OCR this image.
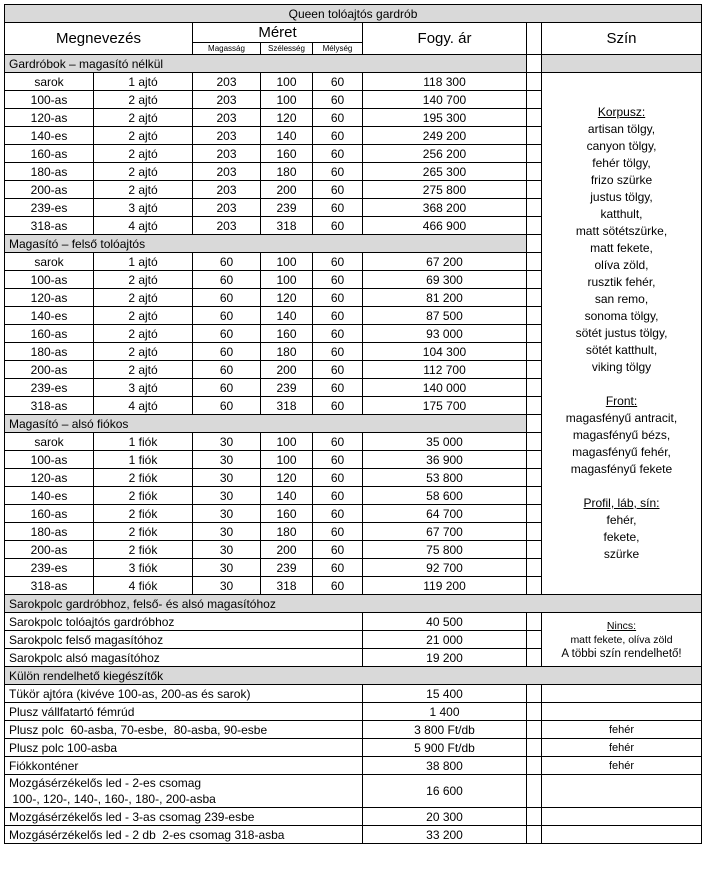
Queen tolóajtós gardrób							
Megnevezés		Méret			Fogy. ár		Szín
		Magasság	Szélesség	Mélység			
Gardróbok – magasító nélkül							
sarok	1 ajtó	203	100	60	118 300		
Korpusz:
artisan tölgy,
canyon tölgy,
fehér tölgy,
frizo szürke
justus tölgy,
katthult,
matt sötétszürke,
matt fekete,
olíva zöld,
rusztik fehér,
san remo,
sonoma tölgy,
sötét justus tölgy,
sötét katthult,
viking tölgy
Front:
magasfényű antracit,
magasfényű bézs,
magasfényű fehér,
magasfényű fekete
Profil, láb, sín:
fehér,
fekete,
szürke

100-as	2 ajtó	203	100	60	140 700		
120-as	2 ajtó	203	120	60	195 300		
140-es	2 ajtó	203	140	60	249 200		
160-as	2 ajtó	203	160	60	256 200		
180-as	2 ajtó	203	180	60	265 300		
200-as	2 ajtó	203	200	60	275 800		
239-es	3 ajtó	203	239	60	368 200		
318-as	4 ajtó	203	318	60	466 900		
Magasító – felső tolóajtós							
sarok	1 ajtó	60	100	60	67 200		
100-as	2 ajtó	60	100	60	69 300		
120-as	2 ajtó	60	120	60	81 200		
140-es	2 ajtó	60	140	60	87 500		
160-as	2 ajtó	60	160	60	93 000		
180-as	2 ajtó	60	180	60	104 300		
200-as	2 ajtó	60	200	60	112 700		
239-es	3 ajtó	60	239	60	140 000		
318-as	4 ajtó	60	318	60	175 700		
Magasító – alsó fiókos							
sarok	1 fiók	30	100	60	35 000		
100-as	1 fiók	30	100	60	36 900		
120-as	2 fiók	30	120	60	53 800		
140-es	2 fiók	30	140	60	58 600		
160-as	2 fiók	30	160	60	64 700		
180-as	2 fiók	30	180	60	67 700		
200-as	2 fiók	30	200	60	75 800		
239-es	3 fiók	30	239	60	92 700		
318-as	4 fiók	30	318	60	119 200		
Sarokpolc gardróbhoz, felső- és alsó magasítóhoz							
Sarokpolc tolóajtós gardróbhoz					40 500		Nincs:
matt fekete, olíva zöld
A többi szín rendelhető!

Sarokpolc felső magasítóhoz					21 000		
Sarokpolc alsó magasítóhoz					19 200		
Külön rendelhető kiegészítők							
Tükör ajtóra (kivéve 100-as, 200-as és sarok)					15 400		
Plusz vállfatartó fémrúd					1 400		
Plusz polc  60-asba, 70-esbe,  80-asba, 90-esbe					3 800 Ft/db		fehér
Plusz polc 100-asba					5 900 Ft/db		fehér
Fiókkonténer					38 800		fehér

Mozgásérzékelős led - 2-es csomag
100-, 120-, 140-, 160-, 180-, 200-asba					16 600		
Mozgásérzékelős led - 3-as csomag 239-esbe					20 300		
Mozgásérzékelős led - 2 db  2-es csomag 318-asba					33 200		
